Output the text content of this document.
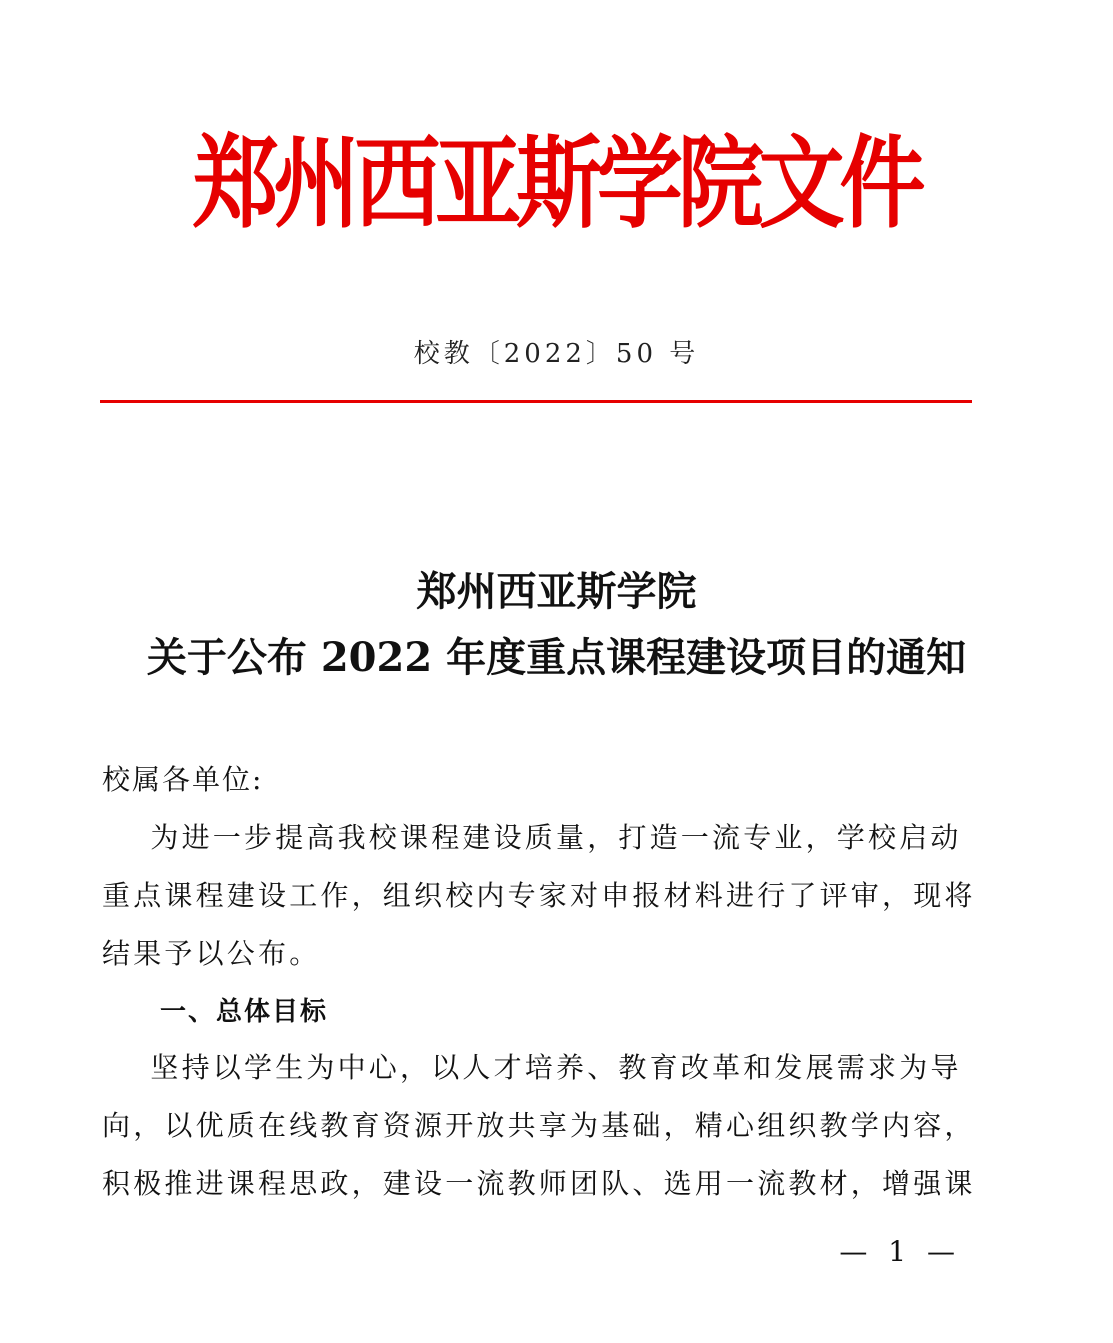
郑州西亚斯学院文件
校教〔2022〕50 号
郑州西亚斯学院
关于公布 2022 年度重点课程建设项目的通知
校属各单位:
为进一步提高我校课程建设质量，打造一流专业，学校启动
重点课程建设工作，组织校内专家对申报材料进行了评审，现将
结果予以公布。
一、总体目标
坚持以学生为中心，以人才培养、教育改革和发展需求为导
向，以优质在线教育资源开放共享为基础，精心组织教学内容，
积极推进课程思政，建设一流教师团队、选用一流教材，增强课
— 1 —
